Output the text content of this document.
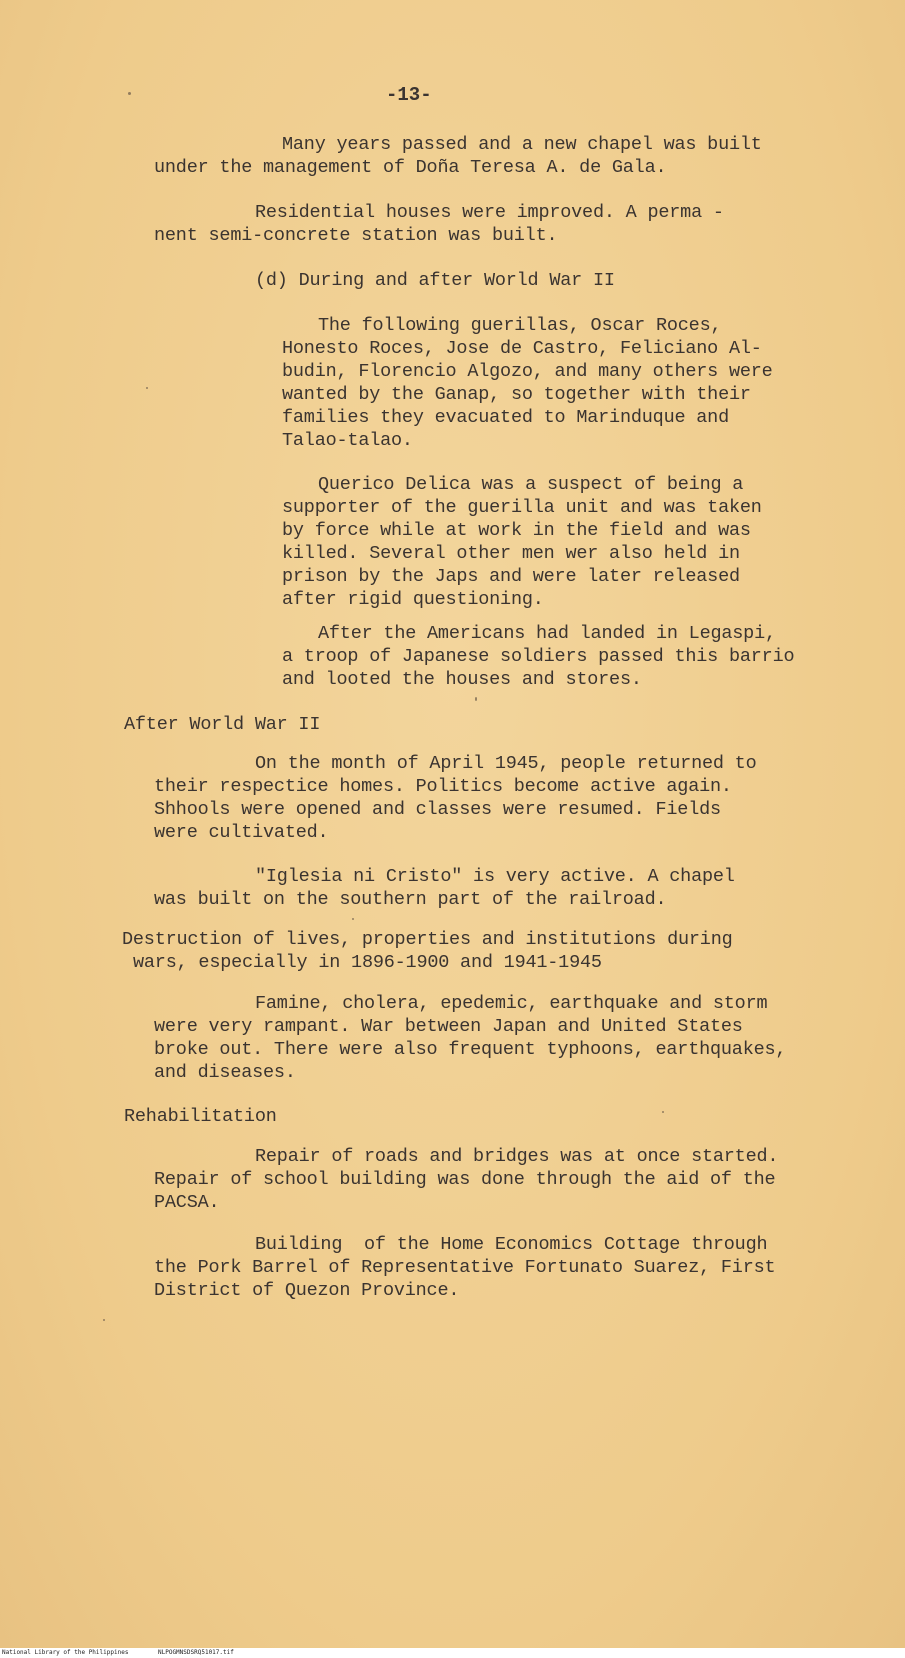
-13-
Many years passed and a new chapel was built
under the management of Doña Teresa A. de Gala.
Residential houses were improved. A perma -
nent semi-concrete station was built.
(d) During and after World War II
The following guerillas, Oscar Roces,
Honesto Roces, Jose de Castro, Feliciano Al-
budin, Florencio Algozo, and many others were
wanted by the Ganap, so together with their
families they evacuated to Marinduque and
Talao-talao.
Querico Delica was a suspect of being a
supporter of the guerilla unit and was taken
by force while at work in the field and was
killed. Several other men wer also held in
prison by the Japs and were later released
after rigid questioning.
After the Americans had landed in Legaspi,
a troop of Japanese soldiers passed this barrio
and looted the houses and stores.
After World War II
On the month of April 1945, people returned to
their respectice homes. Politics become active again.
Shhools were opened and classes were resumed. Fields
were cultivated.
"Iglesia ni Cristo" is very active. A chapel
was built on the southern part of the railroad.
Destruction of lives, properties and institutions during
wars, especially in 1896-1900 and 1941-1945
Famine, cholera, epedemic, earthquake and storm
were very rampant. War between Japan and United States
broke out. There were also frequent typhoons, earthquakes,
and diseases.
Rehabilitation
Repair of roads and bridges was at once started.
Repair of school building was done through the aid of the
PACSA.
Building  of the Home Economics Cottage through
the Pork Barrel of Representative Fortunato Suarez, First
District of Quezon Province.
National Library of the Philippines	NLPOGMNSDSRQ51017.tif
